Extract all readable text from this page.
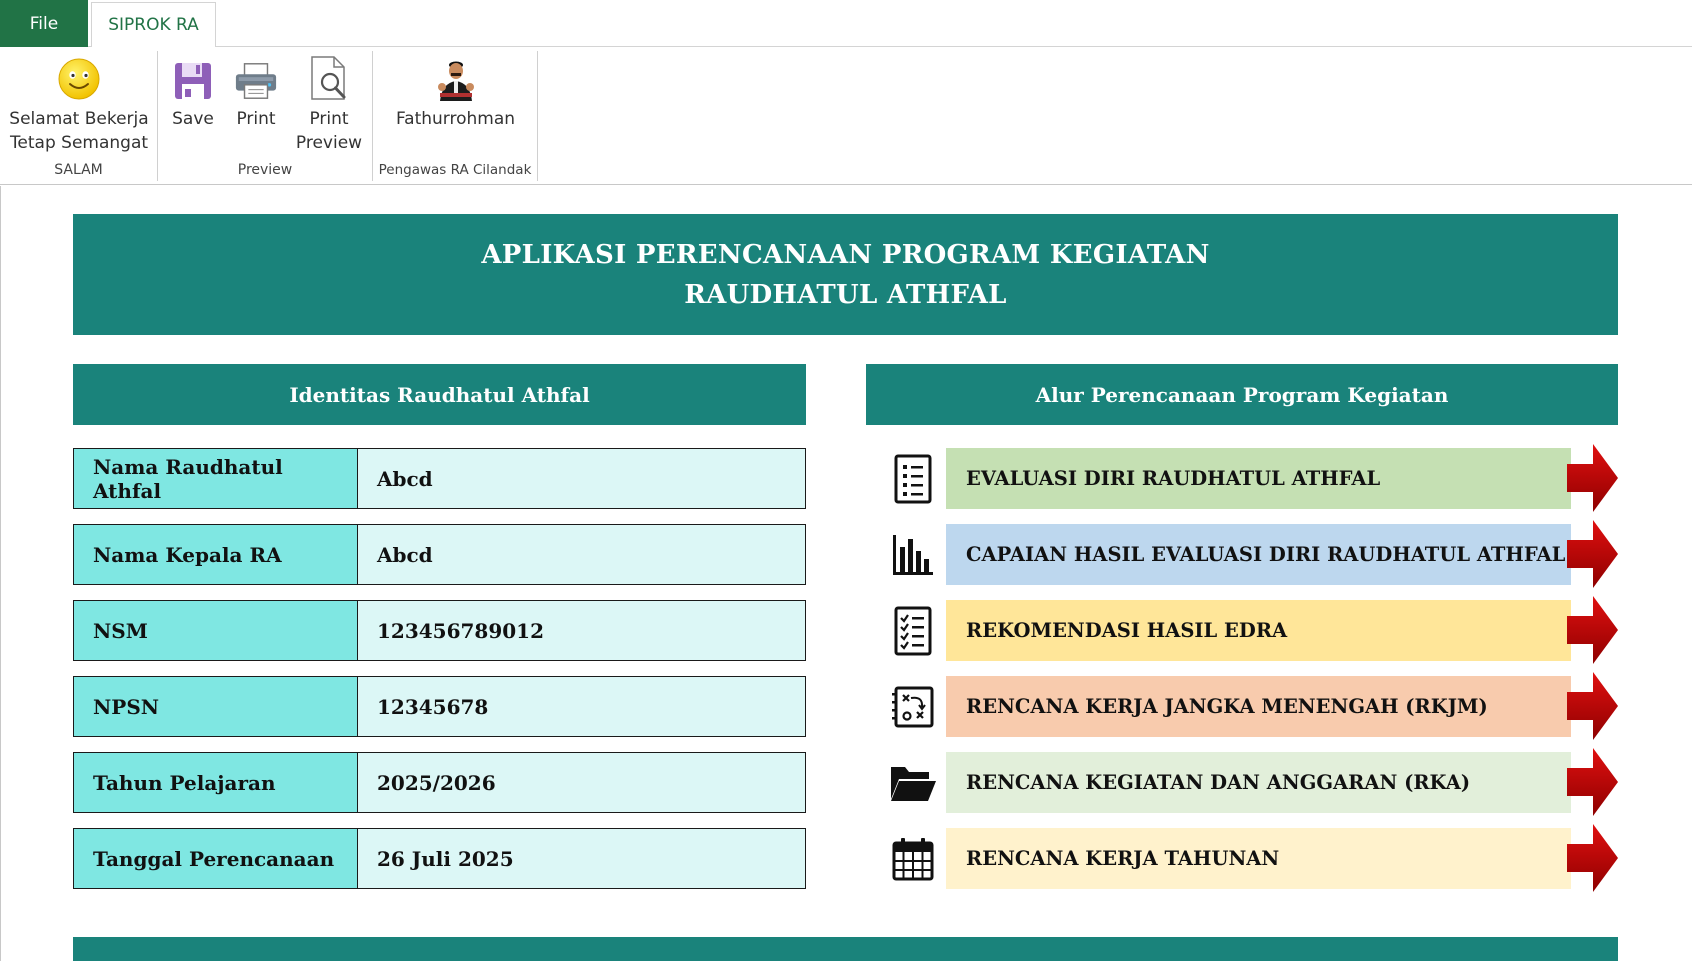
File	SIPROK RA
Selamat Bekerja
Tetap Semangat
SALAM
Save	Print	Print
Preview
Preview
Fathurrohman
Pengawas RA Cilandak
APLIKASI PERENCANAAN PROGRAM KEGIATAN
RAUDHATUL ATHFAL
Identitas Raudhatul Athfal
Nama Raudhatul Athfal	Abcd
Nama Kepala RA	Abcd
NSM	123456789012
NPSN	12345678
Tahun Pelajaran	2025/2026
Tanggal Perencanaan	26 Juli 2025
Alur Perencanaan Program Kegiatan
EVALUASI DIRI RAUDHATUL ATHFAL
CAPAIAN HASIL EVALUASI DIRI RAUDHATUL ATHFAL
REKOMENDASI HASIL EDRA
RENCANA KERJA JANGKA MENENGAH (RKJM)
RENCANA KEGIATAN DAN ANGGARAN (RKA)
RENCANA KERJA TAHUNAN
